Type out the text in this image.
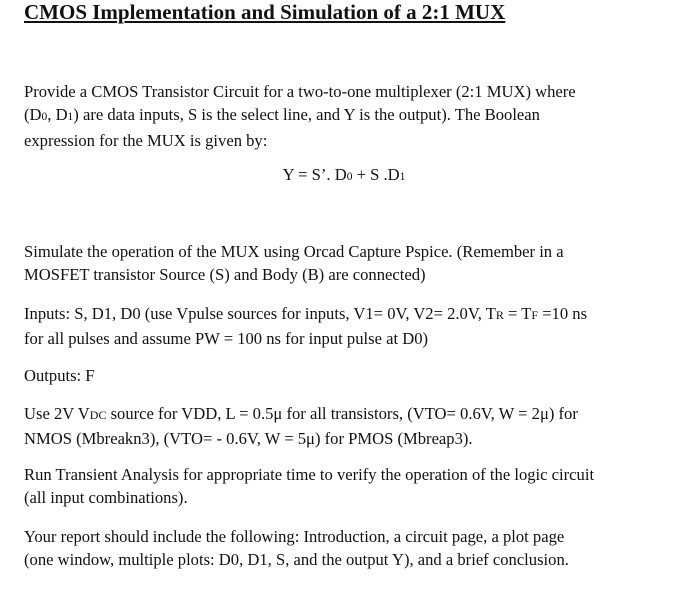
CMOS Implementation and Simulation of a 2:1 MUX

Provide a CMOS Transistor Circuit for a two-to-one multiplexer (2:1 MUX) where
(D0, D1) are data inputs, S is the select line, and Y is the output). The Boolean
expression for the MUX is given by:

Y = S’. D0 + S .D1

Simulate the operation of the MUX using Orcad Capture Pspice. (Remember in a
MOSFET transistor Source (S) and Body (B) are connected)

Inputs: S, D1, D0 (use Vpulse sources for inputs, V1= 0V, V2= 2.0V, TR = TF =10 ns
for all pulses and assume PW = 100 ns for input pulse at D0)

Outputs: F

Use 2V VDC source for VDD, L = 0.5μ for all transistors, (VTO= 0.6V, W = 2μ) for
NMOS (Mbreakn3), (VTO= - 0.6V, W = 5μ) for PMOS (Mbreap3).

Run Transient Analysis for appropriate time to verify the operation of the logic circuit
(all input combinations).

Your report should include the following: Introduction, a circuit page, a plot page
(one window, multiple plots: D0, D1, S, and the output Y), and a brief conclusion.
